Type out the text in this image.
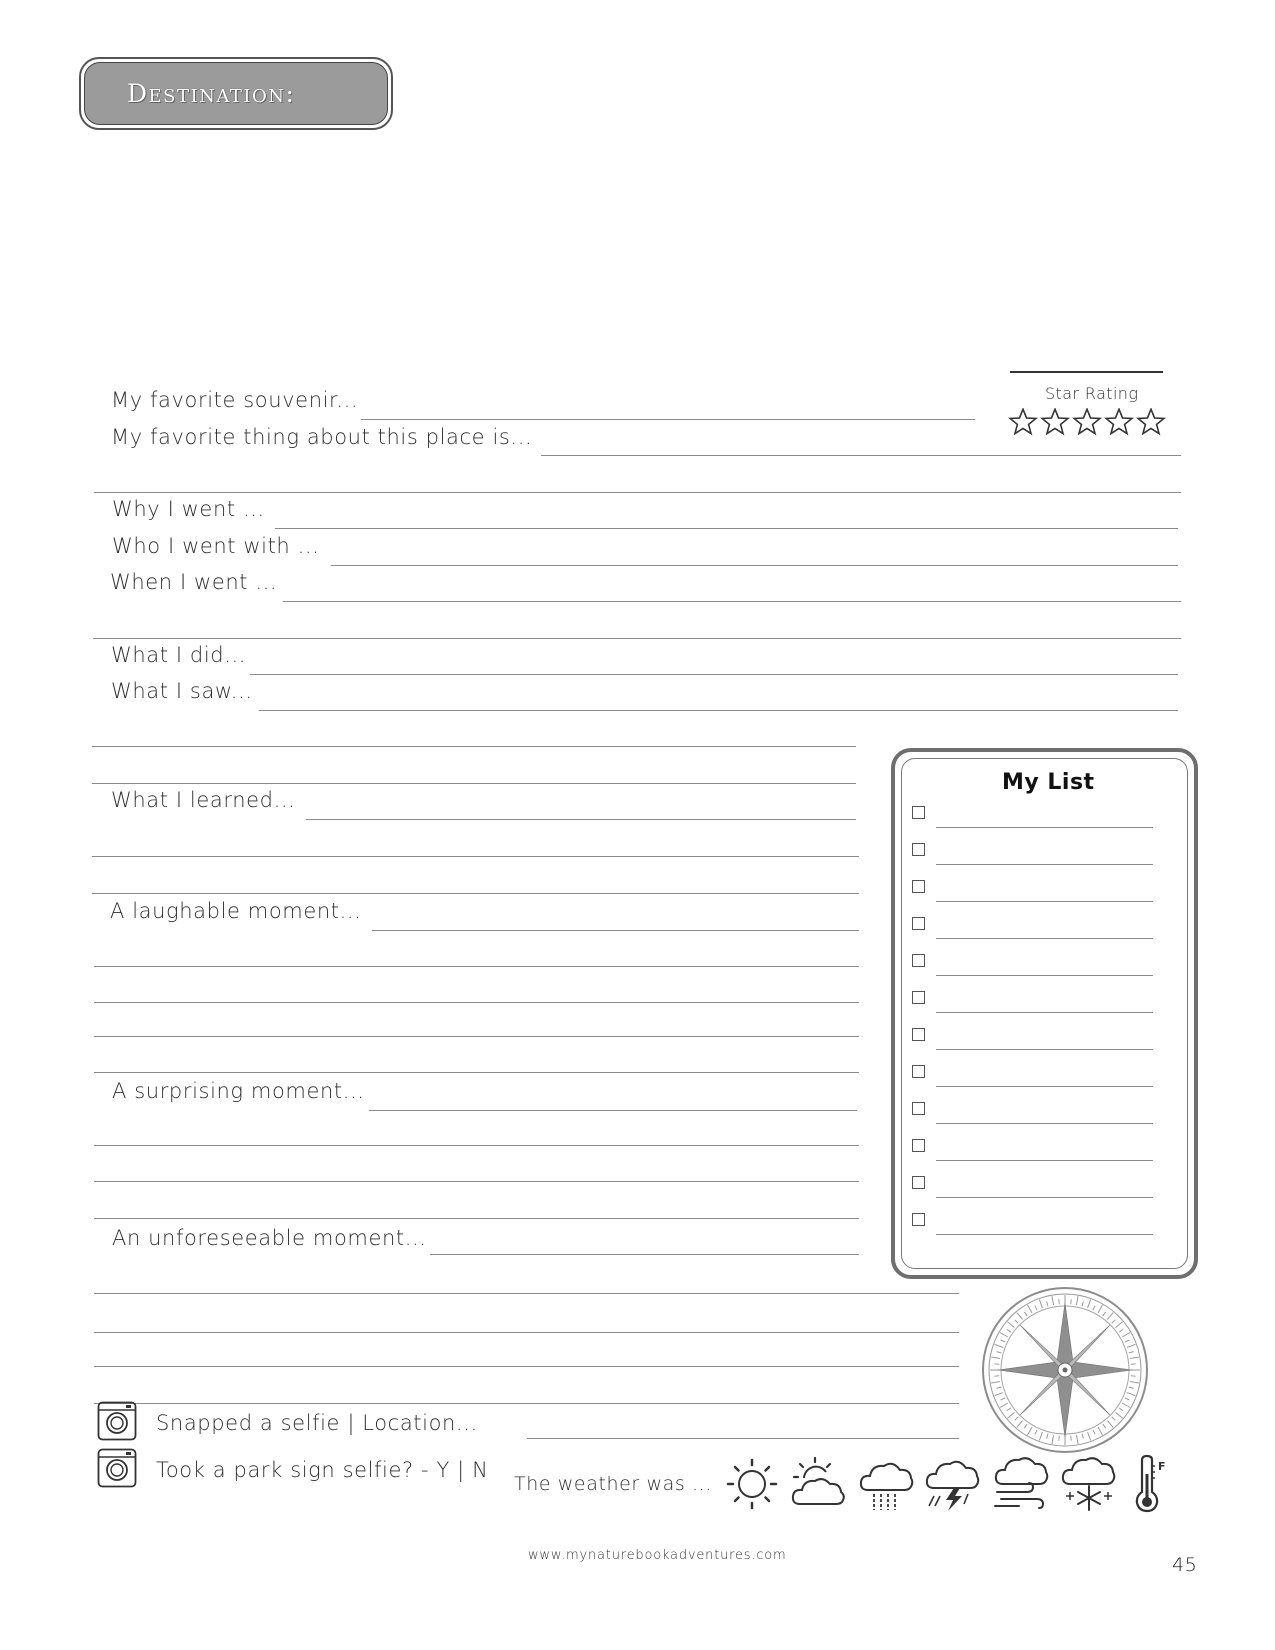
Destination:
Star Rating
My favorite souvenir...
My favorite thing about this place is...
Why I went ...
Who I went with ...
When I went ...
What I did...
What I saw...
What I learned...
A laughable moment...
A surprising moment...
An unforeseeable moment...
My List
Snapped a selfie | Location...
Took a park sign selfie? - Y | N
The weather was ...
F
www.mynaturebookadventures.com	45
